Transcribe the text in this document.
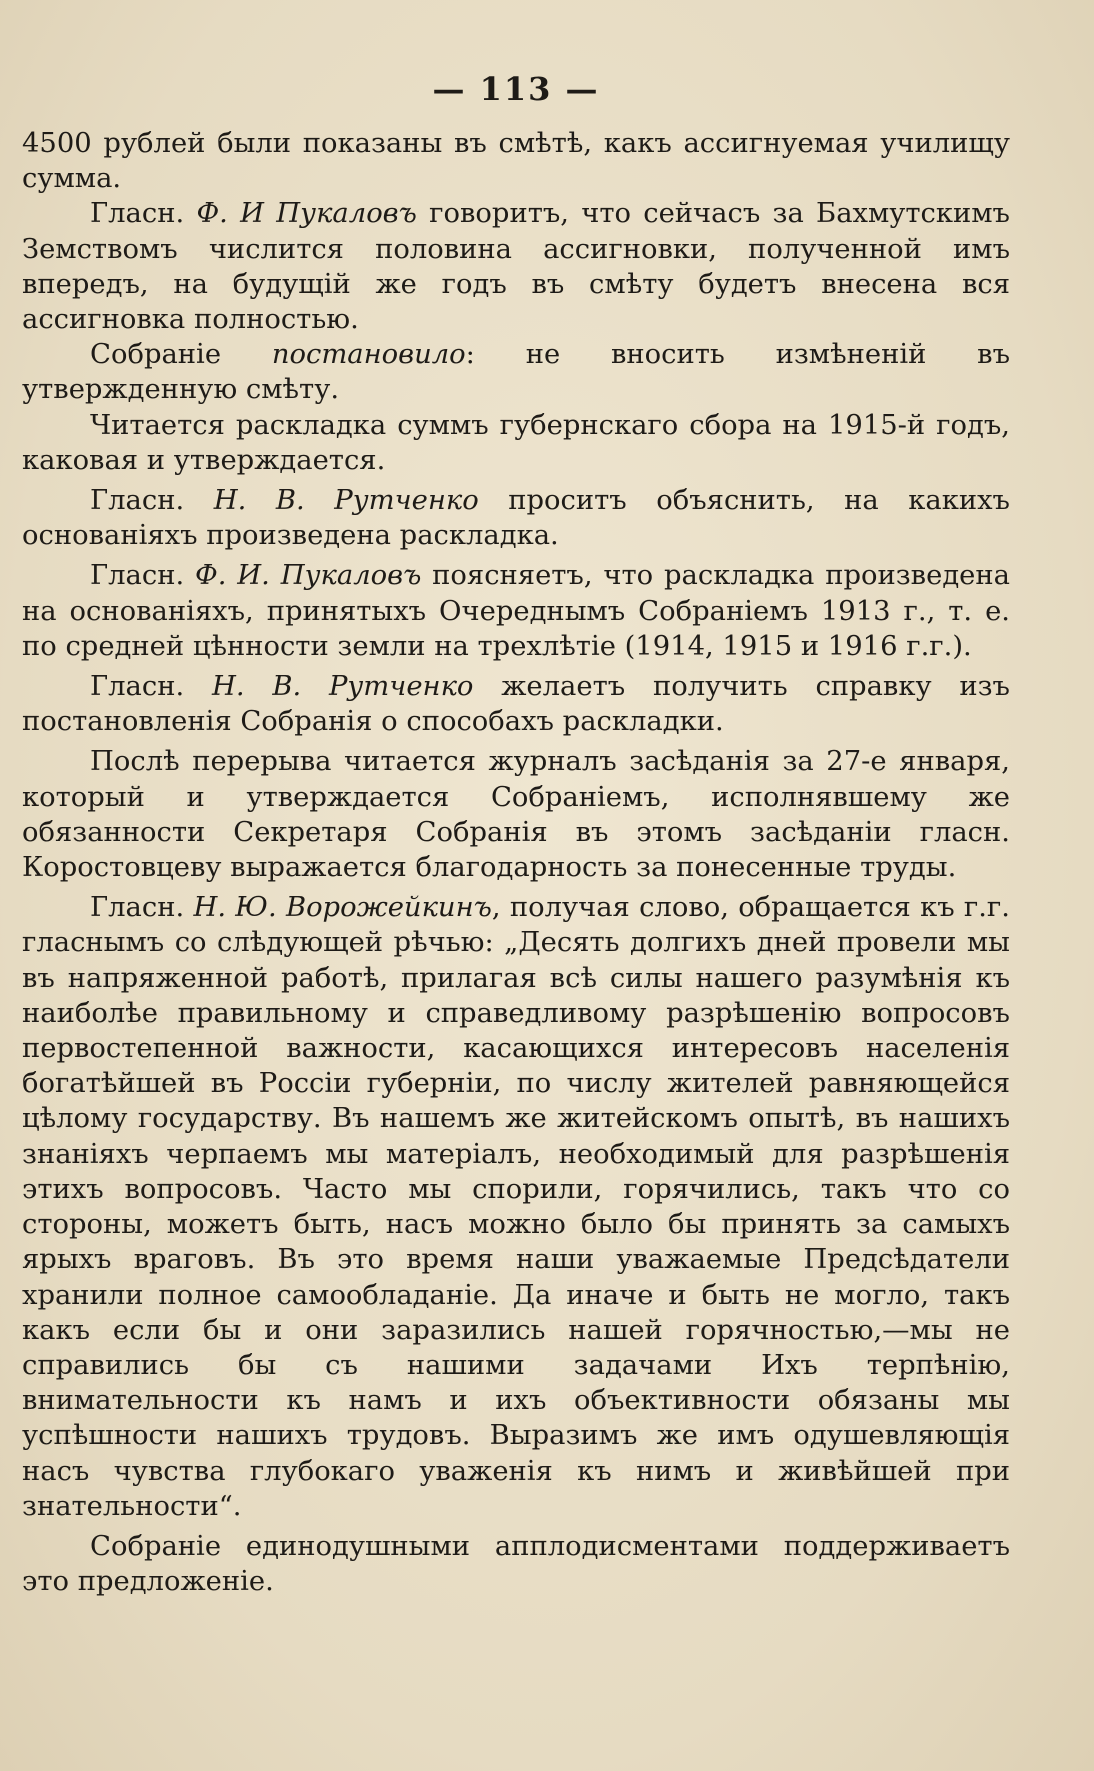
— 113 —

4500 рублей были показаны въ смѣтѣ, какъ ассигнуемая училищу сумма.

Гласн. Ф. И Пукаловъ говоритъ, что сейчасъ за Бахмутскимъ Земствомъ числится половина ассигновки, полученной имъ впередъ, на будущій же годъ въ смѣту будетъ внесена вся ассигновка полностью.

Собраніе постановило: не вносить измѣненій въ утвержденную смѣту.

Читается раскладка суммъ губернскаго сбора на 1915-й годъ, каковая и утверждается.

Гласн. Н. В. Рутченко проситъ объяснить, на какихъ основаніяхъ произведена раскладка.

Гласн. Ф. И. Пукаловъ поясняетъ, что раскладка произведена на основаніяхъ, принятыхъ Очереднымъ Собраніемъ 1913 г., т. е. по средней цѣнности земли на трехлѣтіе (1914, 1915 и 1916 г.г.).

Гласн. Н. В. Рутченко желаетъ получить справку изъ постановленія Собранія о способахъ раскладки.

Послѣ перерыва читается журналъ засѣданія за 27-е января, который и утверждается Собраніемъ, исполнявшему же обязанности Секретаря Собранія въ этомъ засѣданіи гласн. Коростовцеву выражается благодарность за понесенные труды.

Гласн. Н. Ю. Ворожейкинъ, получая слово, обращается къ г.г. гласнымъ со слѣдующей рѣчью: „Десять долгихъ дней провели мы въ напряженной работѣ, прилагая всѣ силы нашего разумѣнія къ наиболѣе правильному и справедливому разрѣшенію вопросовъ первостепенной важности, касающихся интересовъ населенія богатѣйшей въ Россіи губерніи, по числу жителей равняющейся цѣлому государству. Въ нашемъ же житейскомъ опытѣ, въ нашихъ знаніяхъ черпаемъ мы матеріалъ, необходимый для разрѣшенія этихъ вопросовъ. Часто мы спорили, горячились, такъ что со стороны, можетъ быть, насъ можно было бы принять за самыхъ ярыхъ враговъ. Въ это время наши уважаемые Предсѣдатели хранили полное самообладаніе. Да иначе и быть не могло, такъ какъ если бы и они заразились нашей горячностью,—мы не справились бы съ нашими задачами Ихъ терпѣнію, внимательности къ намъ и ихъ объективности обязаны мы успѣшности нашихъ трудовъ. Выразимъ же имъ одушевляющія насъ чувства глубокаго уваженія къ нимъ и живѣйшей при знательности“.

Собраніе единодушными апплодисментами поддерживаетъ это предложеніе.
